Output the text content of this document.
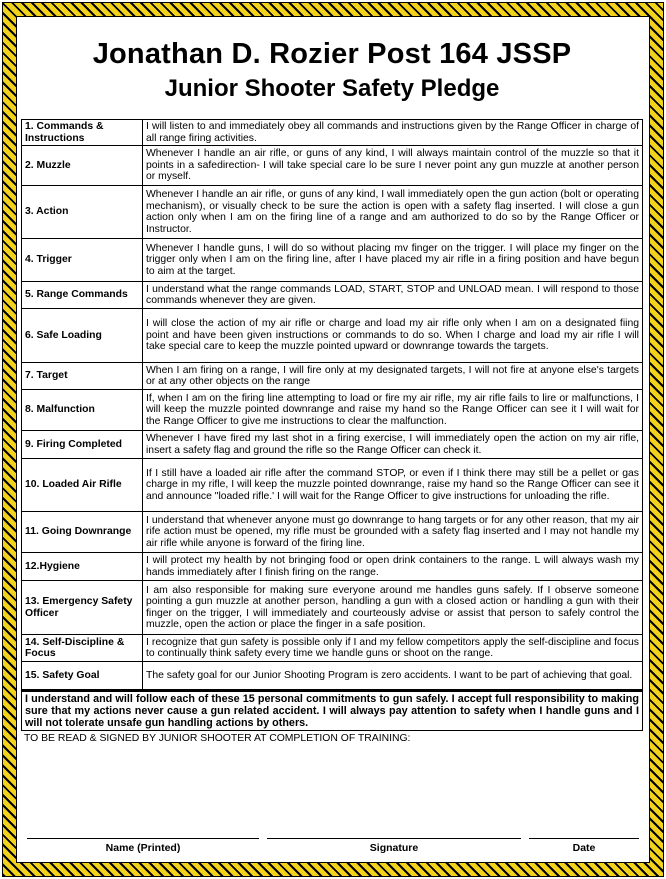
Jonathan D. Rozier Post 164 JSSP
Junior Shooter Safety Pledge
1. Commands & Instructions	I will listen to and immediately obey all commands and instructions given by the Range Officer in charge of all range firing activities.
2. Muzzle	Whenever I handle an air rifle, or guns of any kind, I will always maintain control of the muzzle so that it points in a safedirection- I will take special care lo be sure I never point any gun muzzle at another person or myself.
3. Action	Whenever I handle an air rifle, or guns of any kind, I wall immediately open the gun action (bolt or operating mechanism), or visually check to be sure the action is open with a safety flag inserted. I will close a gun action only when I am on the firing line of a range and am authorized to do so by the Range Officer or Instructor.
4. Trigger	Whenever I handle guns, I will do so without placing mv finger on the trigger. I will place my finger on the trigger only when I am on the firing line, after I have placed my air rifle in a firing position and have begun to aim at the target.
5. Range Commands	I understand what the range commands LOAD, START, STOP and UNLOAD mean. I will respond to those commands whenever they are given.
6. Safe Loading	I will close the action of my air rifle or charge and load my air rifle only when I am on a designated fiing point and have been given instructions or commands to do so. When I charge and load my air rifle I will take special care to keep the muzzle pointed upward or downrange towards the targets.
7. Target	When I am firing on a range, I will fire only at my designated targets, I will not fire at anyone else's targets or at any other objects on the range
8. Malfunction	If, when I am on the firing line attempting to load or fire my air rifle, my air rifle fails to lire or malfunctions, I will keep the muzzle pointed downrange and raise my hand so the Range Officer can see it I will wait for the Range Officer to give me instructions to clear the malfunction.
9. Firing Completed	Whenever I have fired my last shot in a firing exercise, I will immediately open the action on my air rifle, insert a safety flag and ground the rifle so the Range Officer can check it.
10. Loaded Air Rifle	If I still have a loaded air rifle after the command STOP, or even if I think there may still be a pellet or gas charge in my rifle, I will keep the muzzle pointed downrange, raise my hand so the Range Officer can see it and announce "loaded rifle.' I will wait for the Range Officer to give instructions for unloading the rifle.
11. Going Downrange	I understand that whenever anyone must go downrange to hang targets or for any other reason, that my air rife action must be opened, my rifle must be grounded with a safety flag inserted and I may not handle my air rifle while anyone is forward of the firing line.
12.Hygiene	I will protect my health by not bringing food or open drink containers to the range. L will always wash my hands immediately after I finish firing on the range.
13. Emergency Safety Officer	I am also responsible for making sure everyone around me handles guns safely. If I observe someone pointing a gun muzzle at another person, handling a gun with a closed action or handling a gun with their finger on the trigger, I will immediately and courteously advise or assist that person to safely control the muzzle, open the action or place the finger in a safe position.
14. Self-Discipline & Focus	I recognize that gun safety is possible only if I and my fellow competitors apply the self-discipline and focus to continually think safety every time we handle guns or shoot on the range.
15. Safety Goal	The safety goal for our Junior Shooting Program is zero accidents. I want to be part of achieving that goal.
I understand and will follow each of these 15 personal commitments to gun safely. I accept full responsibility to making sure that my actions never cause a gun related accident. I will always pay attention to safety when I handle guns and I will not tolerate unsafe gun handling actions by others.
TO BE READ & SIGNED BY JUNIOR SHOOTER AT COMPLETION OF TRAINING:
Name (Printed)	Signature	Date
